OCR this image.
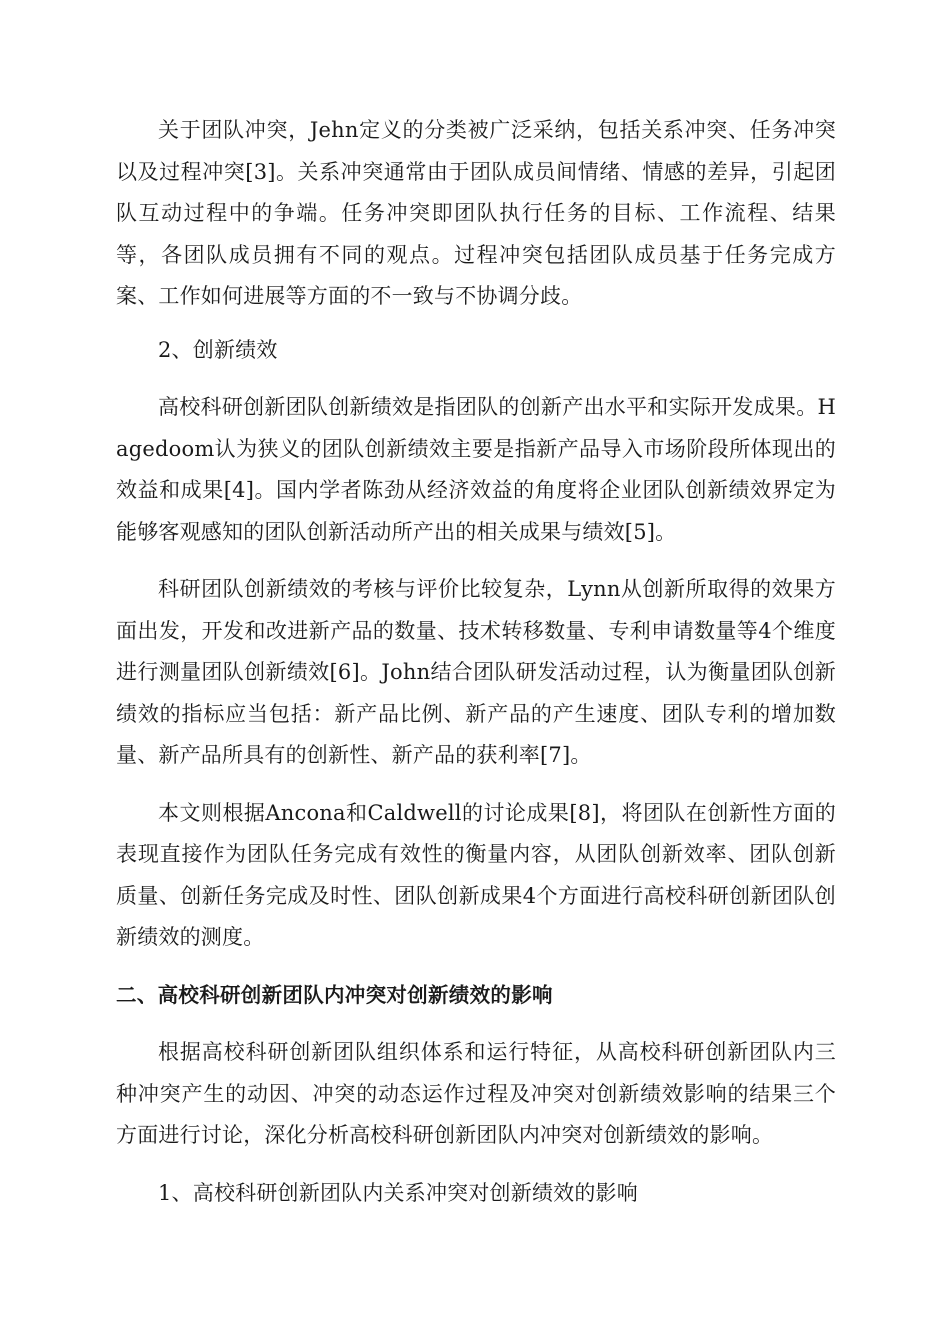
关于团队冲突，Jehn定义的分类被广泛采纳，包括关系冲突、任务冲突以及过程冲突[3]。关系冲突通常由于团队成员间情绪、情感的差异，引起团队互动过程中的争端。任务冲突即团队执行任务的目标、工作流程、结果等，各团队成员拥有不同的观点。过程冲突包括团队成员基于任务完成方案、工作如何进展等方面的不一致与不协调分歧。

2、创新绩效

高校科研创新团队创新绩效是指团队的创新产出水平和实际开发成果。Hagedoom认为狭义的团队创新绩效主要是指新产品导入市场阶段所体现出的效益和成果[4]。国内学者陈劲从经济效益的角度将企业团队创新绩效界定为能够客观感知的团队创新活动所产出的相关成果与绩效[5]。

科研团队创新绩效的考核与评价比较复杂，Lynn从创新所取得的效果方面出发，开发和改进新产品的数量、技术转移数量、专利申请数量等4个维度进行测量团队创新绩效[6]。John结合团队研发活动过程，认为衡量团队创新绩效的指标应当包括：新产品比例、新产品的产生速度、团队专利的增加数量、新产品所具有的创新性、新产品的获利率[7]。

本文则根据Ancona和Caldwell的讨论成果[8]，将团队在创新性方面的表现直接作为团队任务完成有效性的衡量内容，从团队创新效率、团队创新质量、创新任务完成及时性、团队创新成果4个方面进行高校科研创新团队创新绩效的测度。

二、高校科研创新团队内冲突对创新绩效的影响

根据高校科研创新团队组织体系和运行特征，从高校科研创新团队内三种冲突产生的动因、冲突的动态运作过程及冲突对创新绩效影响的结果三个方面进行讨论，深化分析高校科研创新团队内冲突对创新绩效的影响。

1、高校科研创新团队内关系冲突对创新绩效的影响
